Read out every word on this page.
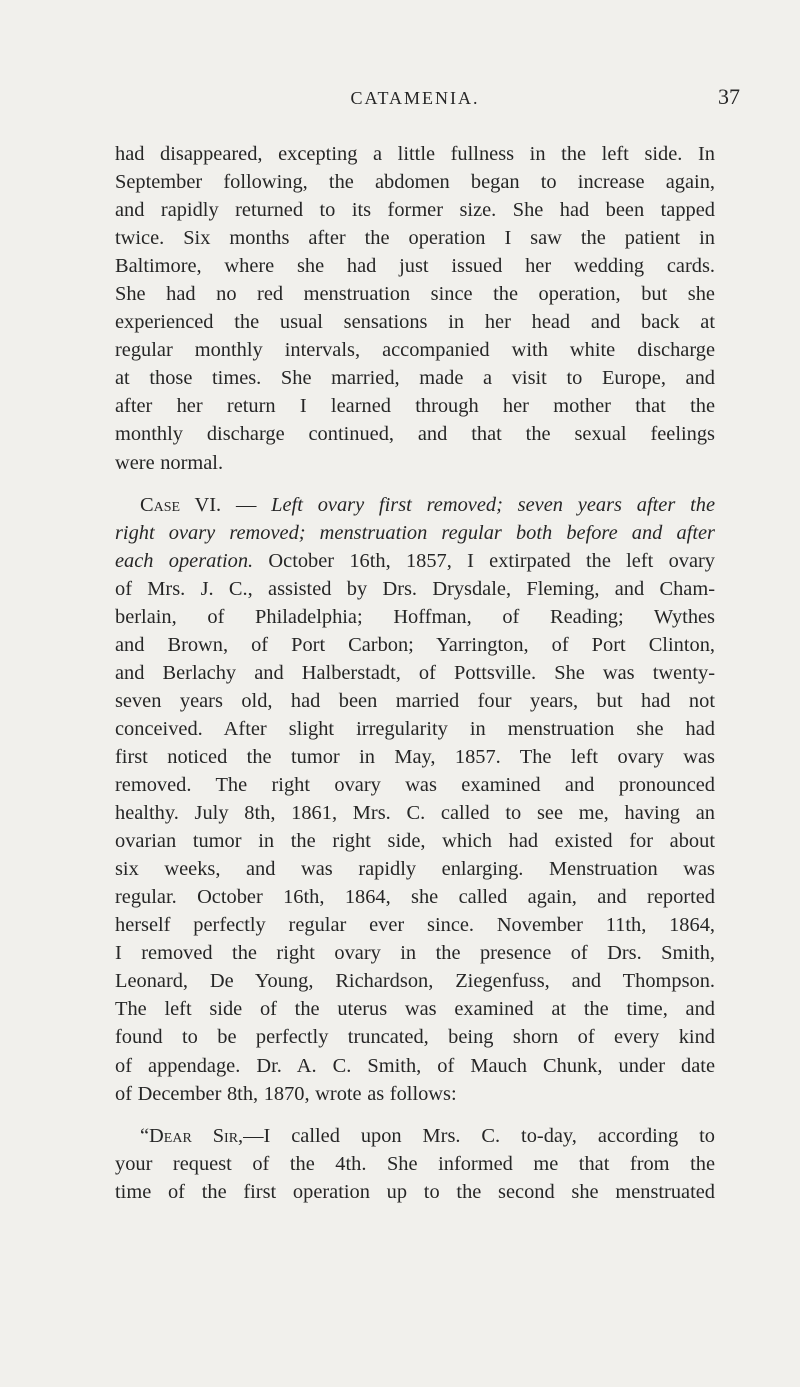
CATAMENIA.	37
had disappeared, excepting a little fullness in the left side. In
September following, the abdomen began to increase again,
and rapidly returned to its former size. She had been tapped
twice. Six months after the operation I saw the patient in
Baltimore, where she had just issued her wedding cards.
She had no red menstruation since the operation, but she
experienced the usual sensations in her head and back at
regular monthly intervals, accompanied with white discharge
at those times. She married, made a visit to Europe, and
after her return I learned through her mother that the
monthly discharge continued, and that the sexual feelings
were normal.
Case VI. — Left ovary first removed; seven years after the
right ovary removed; menstruation regular both before and after
each operation. October 16th, 1857, I extirpated the left ovary
of Mrs. J. C., assisted by Drs. Drysdale, Fleming, and Cham-
berlain, of Philadelphia; Hoffman, of Reading; Wythes
and Brown, of Port Carbon; Yarrington, of Port Clinton,
and Berlachy and Halberstadt, of Pottsville. She was twenty-
seven years old, had been married four years, but had not
conceived. After slight irregularity in menstruation she had
first noticed the tumor in May, 1857. The left ovary was
removed. The right ovary was examined and pronounced
healthy. July 8th, 1861, Mrs. C. called to see me, having an
ovarian tumor in the right side, which had existed for about
six weeks, and was rapidly enlarging. Menstruation was
regular. October 16th, 1864, she called again, and reported
herself perfectly regular ever since. November 11th, 1864,
I removed the right ovary in the presence of Drs. Smith,
Leonard, De Young, Richardson, Ziegenfuss, and Thompson.
The left side of the uterus was examined at the time, and
found to be perfectly truncated, being shorn of every kind
of appendage. Dr. A. C. Smith, of Mauch Chunk, under date
of December 8th, 1870, wrote as follows:
“Dear Sir,—I called upon Mrs. C. to-day, according to
your request of the 4th. She informed me that from the
time of the first operation up to the second she menstruated
